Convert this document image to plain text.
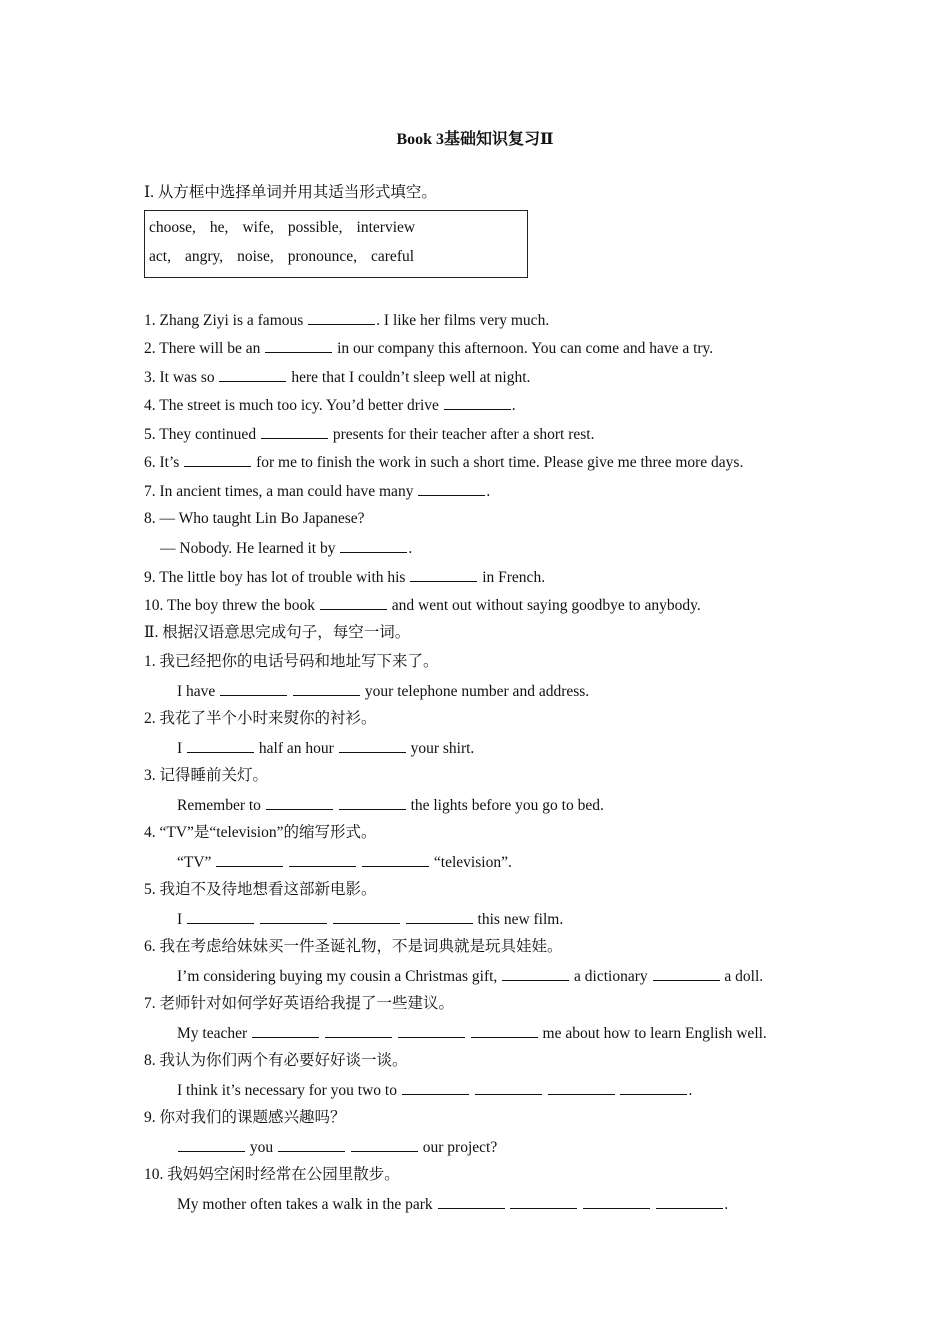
Book 3基础知识复习Ⅱ
Ⅰ. 从方框中选择单词并用其适当形式填空。
choose, he, wife, possible, interview
act, angry, noise, pronounce, careful
1. Zhang Ziyi is a famous	. I like her films very much.
2. There will be an	in our company this afternoon. You can come and have a try.
3. It was so	here that I couldn’t sleep well at night.
4. The street is much too icy. You’d better drive	.
5. They continued	presents for their teacher after a short rest.
6. It’s	for me to finish the work in such a short time. Please give me three more days.
7. In ancient times, a man could have many	.
8. — Who taught Lin Bo Japanese?
— Nobody. He learned it by	.
9. The little boy has lot of trouble with his	in French.
10. The boy threw the book	and went out without saying goodbye to anybody.
Ⅱ. 根据汉语意思完成句子，每空一词。
1. 我已经把你的电话号码和地址写下来了。
I have	your telephone number and address.
2. 我花了半个小时来熨你的衬衫。
I	half an hour	your shirt.
3. 记得睡前关灯。
Remember to	the lights before you go to bed.
4. “TV”是“television”的缩写形式。
“TV”	“television”.
5. 我迫不及待地想看这部新电影。
I	this new film.
6. 我在考虑给妹妹买一件圣诞礼物，不是词典就是玩具娃娃。
I’m considering buying my cousin a Christmas gift,	a dictionary	a doll.
7. 老师针对如何学好英语给我提了一些建议。
My teacher	me about how to learn English well.
8. 我认为你们两个有必要好好谈一谈。
I think it’s necessary for you two to	.
9. 你对我们的课题感兴趣吗？
you	our project?
10. 我妈妈空闲时经常在公园里散步。
My mother often takes a walk in the park	.
